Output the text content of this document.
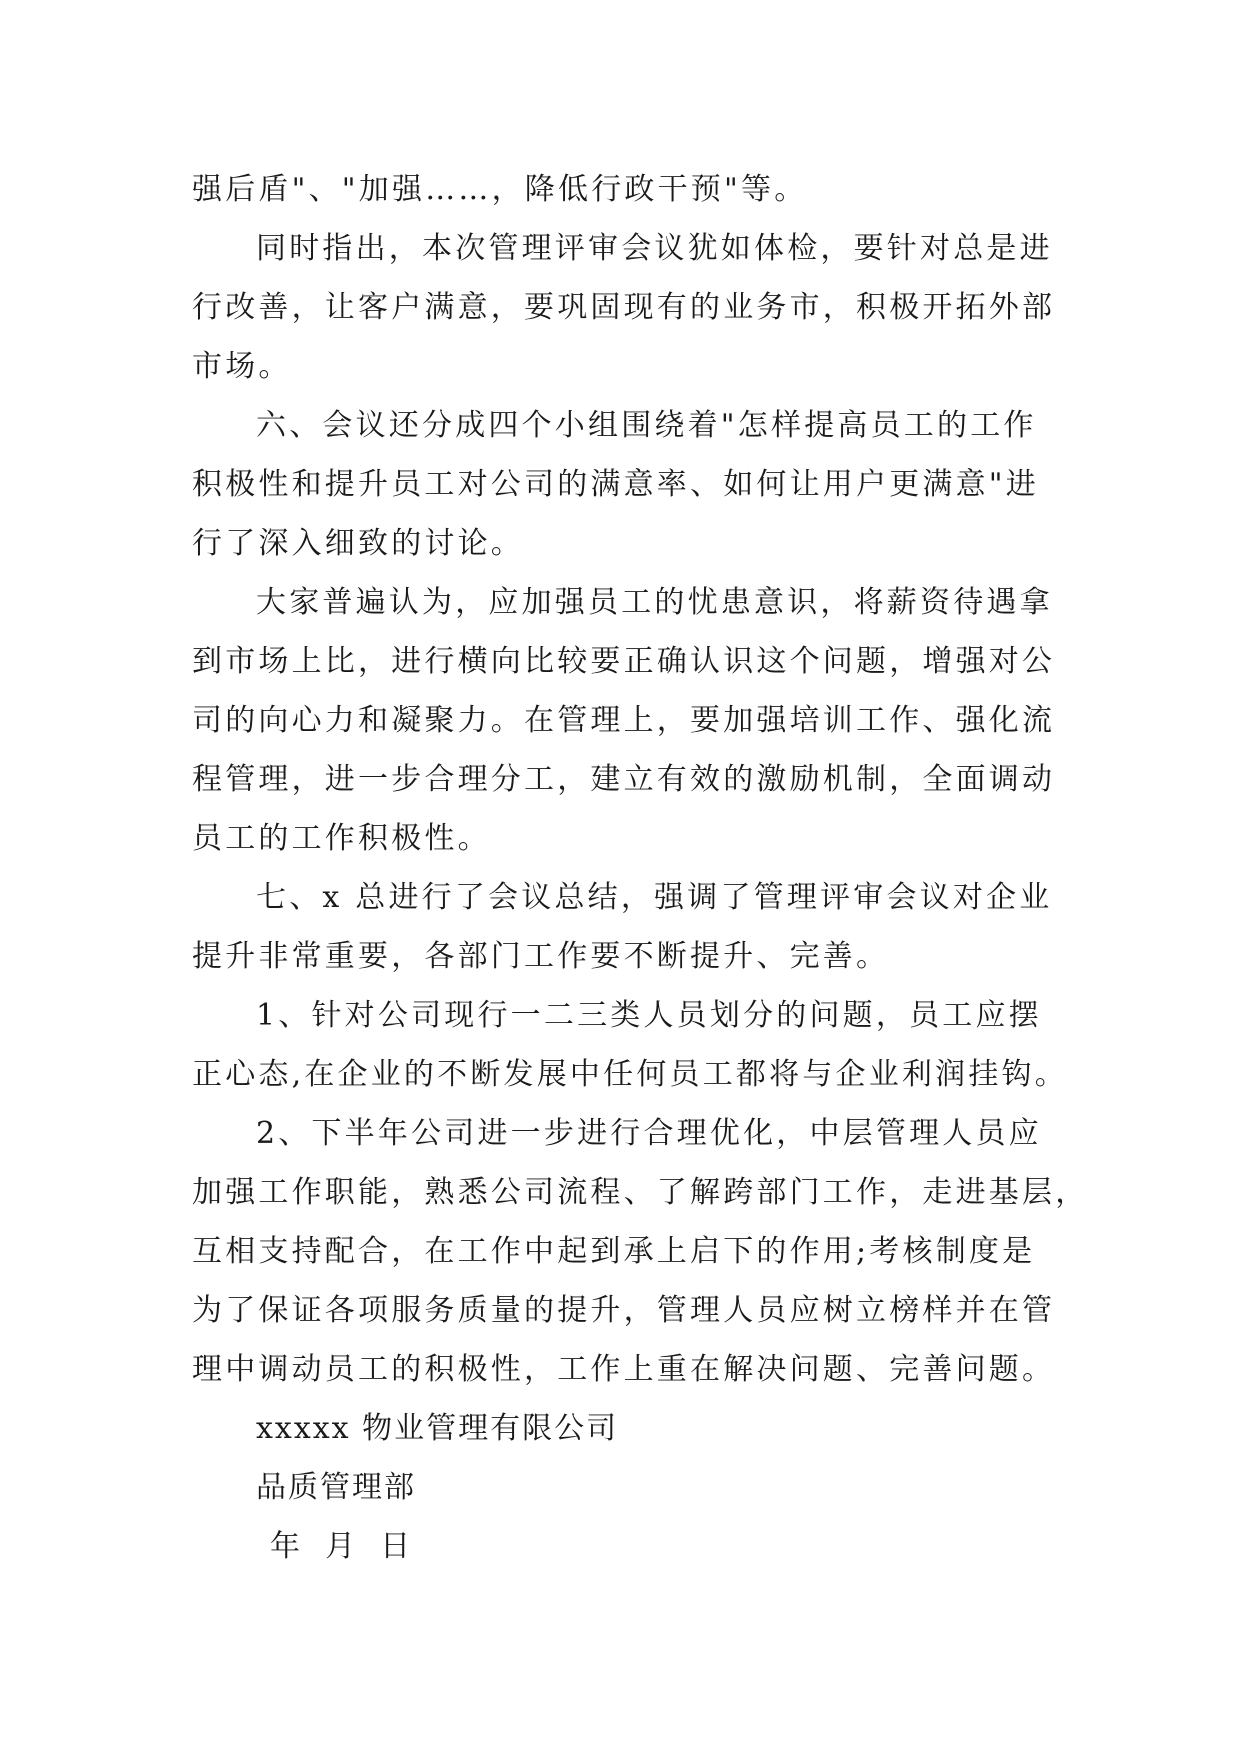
强后盾"、"加强……，降低行政干预"等。
同时指出，本次管理评审会议犹如体检，要针对总是进
行改善，让客户满意，要巩固现有的业务市，积极开拓外部
市场。
六、会议还分成四个小组围绕着"怎样提高员工的工作
积极性和提升员工对公司的满意率、如何让用户更满意"进
行了深入细致的讨论。
大家普遍认为，应加强员工的忧患意识，将薪资待遇拿
到市场上比，进行横向比较要正确认识这个问题，增强对公
司的向心力和凝聚力。在管理上，要加强培训工作、强化流
程管理，进一步合理分工，建立有效的激励机制，全面调动
员工的工作积极性。
七、x 总进行了会议总结，强调了管理评审会议对企业
提升非常重要，各部门工作要不断提升、完善。
1、针对公司现行一二三类人员划分的问题，员工应摆
正心态,在企业的不断发展中任何员工都将与企业利润挂钩。
2、下半年公司进一步进行合理优化，中层管理人员应
加强工作职能，熟悉公司流程、了解跨部门工作，走进基层，
互相支持配合，在工作中起到承上启下的作用;考核制度是
为了保证各项服务质量的提升，管理人员应树立榜样并在管
理中调动员工的积极性，工作上重在解决问题、完善问题。
xxxxx 物业管理有限公司
品质管理部
年  月  日
